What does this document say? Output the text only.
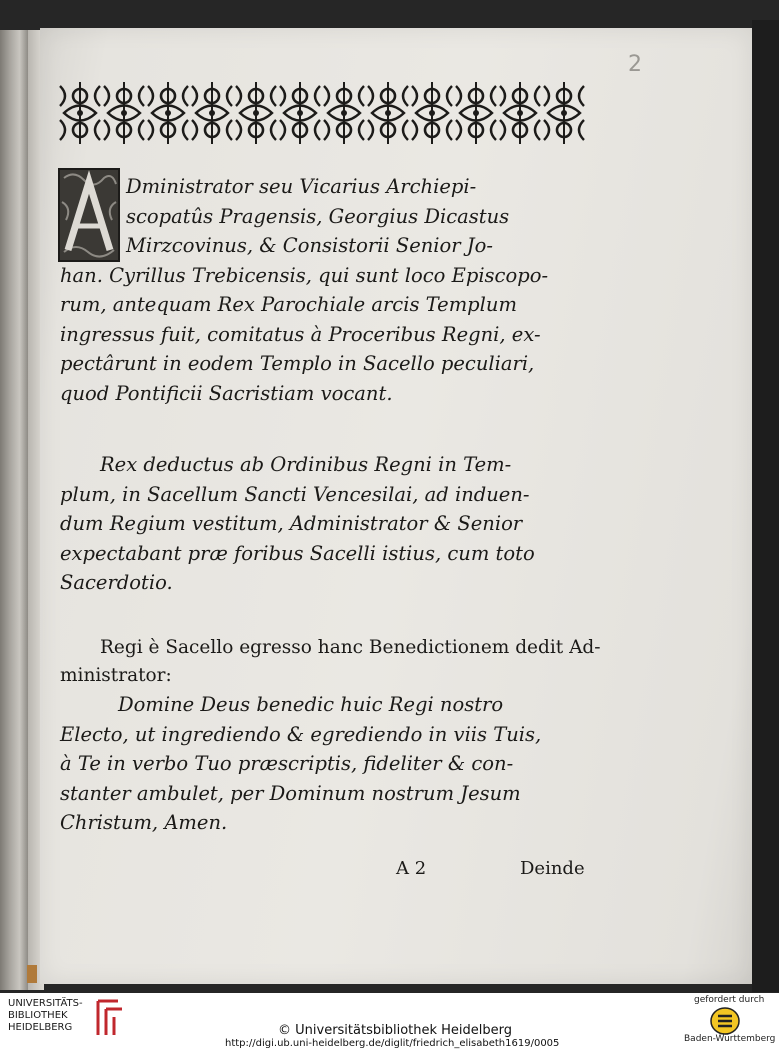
2
Dministrator seu Vicarius Archiepi-
scopatûs Pragensis, Georgius Dicastus
Mirzcovinus, & Consistorii Senior Jo-
han. Cyrillus Trebicensis, qui sunt loco Episcopo-
rum, antequam Rex Parochiale arcis Templum
ingressus fuit, comitatus à Proceribus Regni, ex-
pectârunt in eodem Templo in Sacello peculiari,
quod Pontificii Sacristiam vocant.
Rex deductus ab Ordinibus Regni in Tem-
plum, in Sacellum Sancti Vencesilai, ad induen-
dum Regium vestitum, Administrator & Senior
expectabant præ foribus Sacelli istius, cum toto
Sacerdotio.
Regi è Sacello egresso hanc Benedictionem dedit Ad-
ministrator:
Domine Deus benedic huic Regi nostro
Electo, ut ingrediendo & egrediendo in viis Tuis,
à Te in verbo Tuo præscriptis, fideliter & con-
stanter ambulet, per Dominum nostrum Jesum
Christum, Amen.
A 2	Deinde
UNIVERSITÄTS-
BIBLIOTHEK
HEIDELBERG	© Universitätsbibliothek Heidelberg
http://digi.ub.uni-heidelberg.de/diglit/friedrich_elisabeth1619/0005
gefordert durch
Baden-Württemberg
